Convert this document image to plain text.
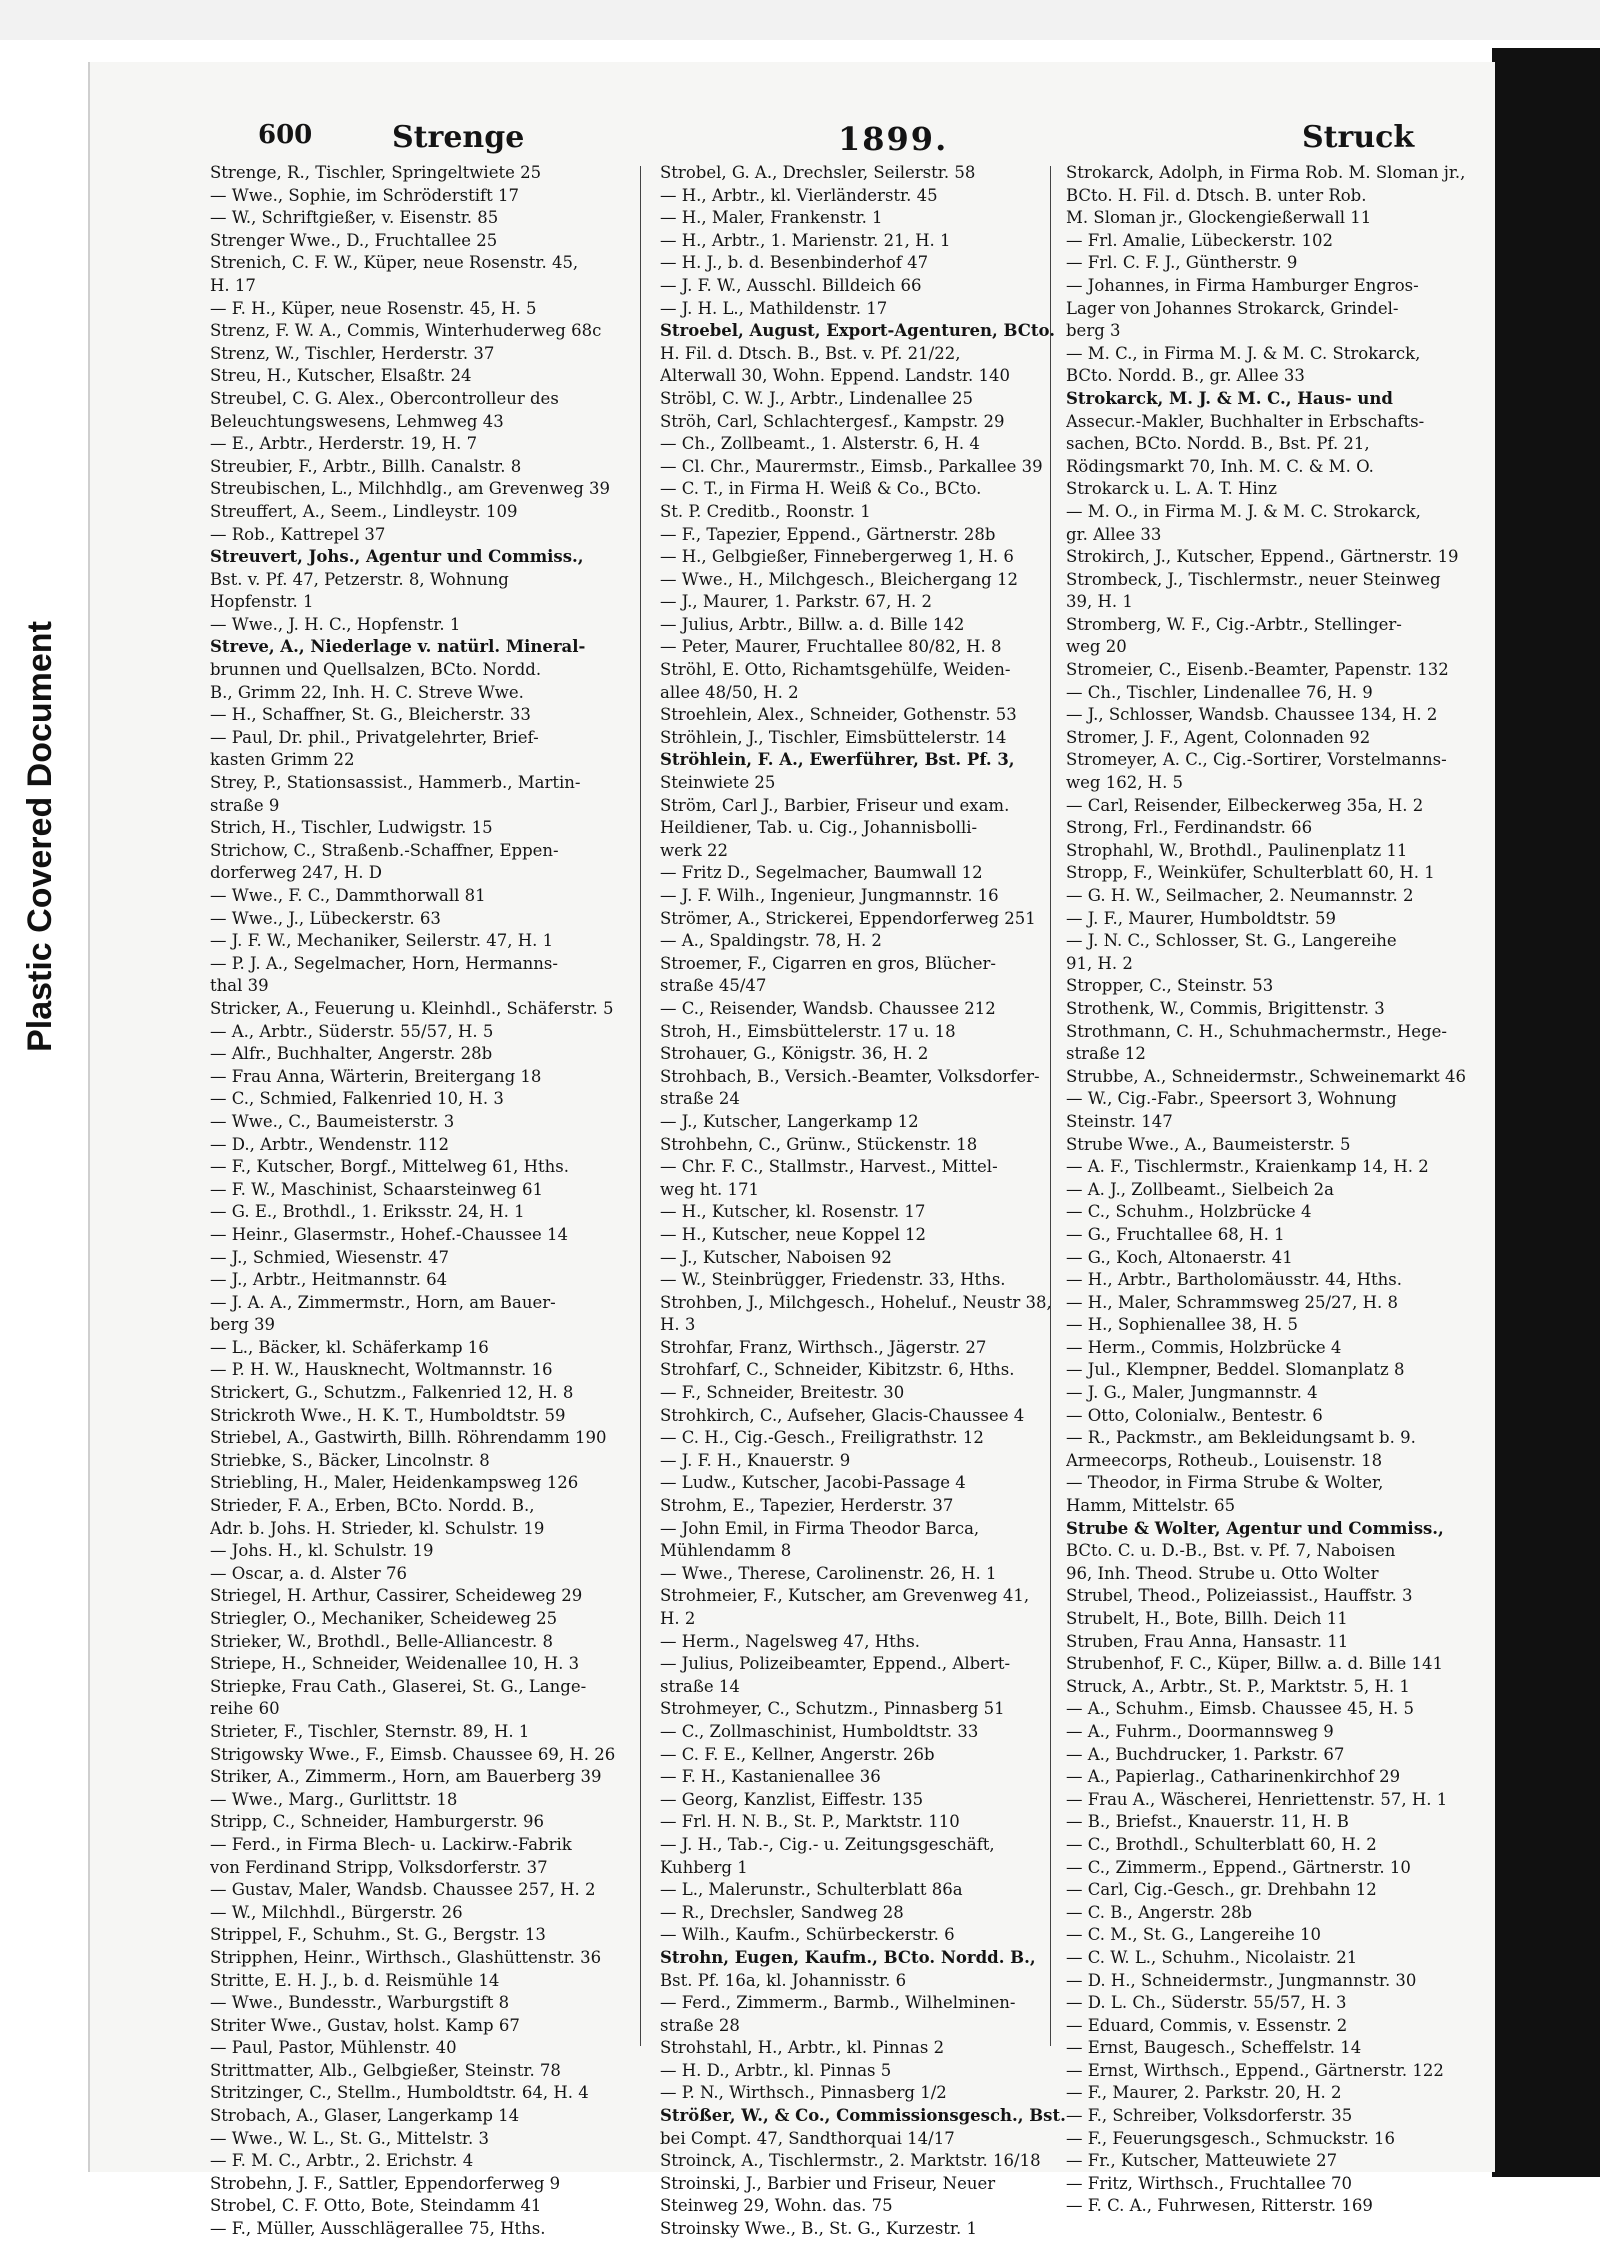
Plastic Covered Document
600	Strenge	1899.	Struck
Strenge, R., Tischler, Springeltwiete 25
— Wwe., Sophie, im Schröderstift 17
— W., Schriftgießer, v. Eisenstr. 85
Strenger Wwe., D., Fruchtallee 25
Strenich, C. F. W., Küper, neue Rosenstr. 45,
H. 17
— F. H., Küper, neue Rosenstr. 45, H. 5
Strenz, F. W. A., Commis, Winterhuderweg 68c
Strenz, W., Tischler, Herderstr. 37
Streu, H., Kutscher, Elsaßtr. 24
Streubel, C. G. Alex., Obercontrolleur des
Beleuchtungswesens, Lehmweg 43
— E., Arbtr., Herderstr. 19, H. 7
Streubier, F., Arbtr., Billh. Canalstr. 8
Streubischen, L., Milchhdlg., am Grevenweg 39
Streuffert, A., Seem., Lindleystr. 109
— Rob., Kattrepel 37
Streuvert, Johs., Agentur und Commiss.,
Bst. v. Pf. 47, Petzerstr. 8, Wohnung
Hopfenstr. 1
— Wwe., J. H. C., Hopfenstr. 1
Streve, A., Niederlage v. natürl. Mineral-
brunnen und Quellsalzen, BCto. Nordd.
B., Grimm 22, Inh. H. C. Streve Wwe.
— H., Schaffner, St. G., Bleicherstr. 33
— Paul, Dr. phil., Privatgelehrter, Brief-
kasten Grimm 22
Strey, P., Stationsassist., Hammerb., Martin-
straße 9
Strich, H., Tischler, Ludwigstr. 15
Strichow, C., Straßenb.-Schaffner, Eppen-
dorferweg 247, H. D
— Wwe., F. C., Dammthorwall 81
— Wwe., J., Lübeckerstr. 63
— J. F. W., Mechaniker, Seilerstr. 47, H. 1
— P. J. A., Segelmacher, Horn, Hermanns-
thal 39
Stricker, A., Feuerung u. Kleinhdl., Schäferstr. 5
— A., Arbtr., Süderstr. 55/57, H. 5
— Alfr., Buchhalter, Angerstr. 28b
— Frau Anna, Wärterin, Breitergang 18
— C., Schmied, Falkenried 10, H. 3
— Wwe., C., Baumeisterstr. 3
— D., Arbtr., Wendenstr. 112
— F., Kutscher, Borgf., Mittelweg 61, Hths.
— F. W., Maschinist, Schaarsteinweg 61
— G. E., Brothdl., 1. Eriksstr. 24, H. 1
— Heinr., Glasermstr., Hohef.-Chaussee 14
— J., Schmied, Wiesenstr. 47
— J., Arbtr., Heitmannstr. 64
— J. A. A., Zimmermstr., Horn, am Bauer-
berg 39
— L., Bäcker, kl. Schäferkamp 16
— P. H. W., Hausknecht, Woltmannstr. 16
Strickert, G., Schutzm., Falkenried 12, H. 8
Strickroth Wwe., H. K. T., Humboldtstr. 59
Striebel, A., Gastwirth, Billh. Röhrendamm 190
Striebke, S., Bäcker, Lincolnstr. 8
Striebling, H., Maler, Heidenkampsweg 126
Strieder, F. A., Erben, BCto. Nordd. B.,
Adr. b. Johs. H. Strieder, kl. Schulstr. 19
— Johs. H., kl. Schulstr. 19
— Oscar, a. d. Alster 76
Striegel, H. Arthur, Cassirer, Scheideweg 29
Striegler, O., Mechaniker, Scheideweg 25
Strieker, W., Brothdl., Belle-Alliancestr. 8
Striepe, H., Schneider, Weidenallee 10, H. 3
Striepke, Frau Cath., Glaserei, St. G., Lange-
reihe 60
Strieter, F., Tischler, Sternstr. 89, H. 1
Strigowsky Wwe., F., Eimsb. Chaussee 69, H. 26
Striker, A., Zimmerm., Horn, am Bauerberg 39
— Wwe., Marg., Gurlittstr. 18
Stripp, C., Schneider, Hamburgerstr. 96
— Ferd., in Firma Blech- u. Lackirw.-Fabrik
von Ferdinand Stripp, Volksdorferstr. 37
— Gustav, Maler, Wandsb. Chaussee 257, H. 2
— W., Milchhdl., Bürgerstr. 26
Strippel, F., Schuhm., St. G., Bergstr. 13
Stripphen, Heinr., Wirthsch., Glashüttenstr. 36
Stritte, E. H. J., b. d. Reismühle 14
— Wwe., Bundesstr., Warburgstift 8
Striter Wwe., Gustav, holst. Kamp 67
— Paul, Pastor, Mühlenstr. 40
Strittmatter, Alb., Gelbgießer, Steinstr. 78
Stritzinger, C., Stellm., Humboldtstr. 64, H. 4
Strobach, A., Glaser, Langerkamp 14
— Wwe., W. L., St. G., Mittelstr. 3
— F. M. C., Arbtr., 2. Erichstr. 4
Strobehn, J. F., Sattler, Eppendorferweg 9
Strobel, C. F. Otto, Bote, Steindamm 41
— F., Müller, Ausschlägerallee 75, Hths.
Strobel, G. A., Drechsler, Seilerstr. 58
— H., Arbtr., kl. Vierländerstr. 45
— H., Maler, Frankenstr. 1
— H., Arbtr., 1. Marienstr. 21, H. 1
— H. J., b. d. Besenbinderhof 47
— J. F. W., Ausschl. Billdeich 66
— J. H. L., Mathildenstr. 17
Stroebel, August, Export-Agenturen, BCto.
H. Fil. d. Dtsch. B., Bst. v. Pf. 21/22,
Alterwall 30, Wohn. Eppend. Landstr. 140
Ströbl, C. W. J., Arbtr., Lindenallee 25
Ströh, Carl, Schlachtergesf., Kampstr. 29
— Ch., Zollbeamt., 1. Alsterstr. 6, H. 4
— Cl. Chr., Maurermstr., Eimsb., Parkallee 39
— C. T., in Firma H. Weiß & Co., BCto.
St. P. Creditb., Roonstr. 1
— F., Tapezier, Eppend., Gärtnerstr. 28b
— H., Gelbgießer, Finnebergerweg 1, H. 6
— Wwe., H., Milchgesch., Bleichergang 12
— J., Maurer, 1. Parkstr. 67, H. 2
— Julius, Arbtr., Billw. a. d. Bille 142
— Peter, Maurer, Fruchtallee 80/82, H. 8
Ströhl, E. Otto, Richamtsgehülfe, Weiden-
allee 48/50, H. 2
Stroehlein, Alex., Schneider, Gothenstr. 53
Ströhlein, J., Tischler, Eimsbüttelerstr. 14
Ströhlein, F. A., Ewerführer, Bst. Pf. 3,
Steinwiete 25
Ström, Carl J., Barbier, Friseur und exam.
Heildiener, Tab. u. Cig., Johannisbolli-
werk 22
— Fritz D., Segelmacher, Baumwall 12
— J. F. Wilh., Ingenieur, Jungmannstr. 16
Strömer, A., Strickerei, Eppendorferweg 251
— A., Spaldingstr. 78, H. 2
Stroemer, F., Cigarren en gros, Blücher-
straße 45/47
— C., Reisender, Wandsb. Chaussee 212
Stroh, H., Eimsbüttelerstr. 17 u. 18
Strohauer, G., Königstr. 36, H. 2
Strohbach, B., Versich.-Beamter, Volksdorfer-
straße 24
— J., Kutscher, Langerkamp 12
Strohbehn, C., Grünw., Stückenstr. 18
— Chr. F. C., Stallmstr., Harvest., Mittel-
weg ht. 171
— H., Kutscher, kl. Rosenstr. 17
— H., Kutscher, neue Koppel 12
— J., Kutscher, Naboisen 92
— W., Steinbrügger, Friedenstr. 33, Hths.
Strohben, J., Milchgesch., Hoheluf., Neustr 38,
H. 3
Strohfar, Franz, Wirthsch., Jägerstr. 27
Strohfarf, C., Schneider, Kibitzstr. 6, Hths.
— F., Schneider, Breitestr. 30
Strohkirch, C., Aufseher, Glacis-Chaussee 4
— C. H., Cig.-Gesch., Freiligrathstr. 12
— J. F. H., Knauerstr. 9
— Ludw., Kutscher, Jacobi-Passage 4
Strohm, E., Tapezier, Herderstr. 37
— John Emil, in Firma Theodor Barca,
Mühlendamm 8
— Wwe., Therese, Carolinenstr. 26, H. 1
Strohmeier, F., Kutscher, am Grevenweg 41,
H. 2
— Herm., Nagelsweg 47, Hths.
— Julius, Polizeibeamter, Eppend., Albert-
straße 14
Strohmeyer, C., Schutzm., Pinnasberg 51
— C., Zollmaschinist, Humboldtstr. 33
— C. F. E., Kellner, Angerstr. 26b
— F. H., Kastanienallee 36
— Georg, Kanzlist, Eiffestr. 135
— Frl. H. N. B., St. P., Marktstr. 110
— J. H., Tab.-, Cig.- u. Zeitungsgeschäft,
Kuhberg 1
— L., Malerunstr., Schulterblatt 86a
— R., Drechsler, Sandweg 28
— Wilh., Kaufm., Schürbeckerstr. 6
Strohn, Eugen, Kaufm., BCto. Nordd. B.,
Bst. Pf. 16a, kl. Johannisstr. 6
— Ferd., Zimmerm., Barmb., Wilhelminen-
straße 28
Strohstahl, H., Arbtr., kl. Pinnas 2
— H. D., Arbtr., kl. Pinnas 5
— P. N., Wirthsch., Pinnasberg 1/2
Strößer, W., & Co., Commissionsgesch., Bst.
bei Compt. 47, Sandthorquai 14/17
Stroinck, A., Tischlermstr., 2. Marktstr. 16/18
Stroinski, J., Barbier und Friseur, Neuer
Steinweg 29, Wohn. das. 75
Stroinsky Wwe., B., St. G., Kurzestr. 1
Strokarck, Adolph, in Firma Rob. M. Sloman jr.,
BCto. H. Fil. d. Dtsch. B. unter Rob.
M. Sloman jr., Glockengießerwall 11
— Frl. Amalie, Lübeckerstr. 102
— Frl. C. F. J., Güntherstr. 9
— Johannes, in Firma Hamburger Engros-
Lager von Johannes Strokarck, Grindel-
berg 3
— M. C., in Firma M. J. & M. C. Strokarck,
BCto. Nordd. B., gr. Allee 33
Strokarck, M. J. & M. C., Haus- und
Assecur.-Makler, Buchhalter in Erbschafts-
sachen, BCto. Nordd. B., Bst. Pf. 21,
Rödingsmarkt 70, Inh. M. C. & M. O.
Strokarck u. L. A. T. Hinz
— M. O., in Firma M. J. & M. C. Strokarck,
gr. Allee 33
Strokirch, J., Kutscher, Eppend., Gärtnerstr. 19
Strombeck, J., Tischlermstr., neuer Steinweg
39, H. 1
Stromberg, W. F., Cig.-Arbtr., Stellinger-
weg 20
Stromeier, C., Eisenb.-Beamter, Papenstr. 132
— Ch., Tischler, Lindenallee 76, H. 9
— J., Schlosser, Wandsb. Chaussee 134, H. 2
Stromer, J. F., Agent, Colonnaden 92
Stromeyer, A. C., Cig.-Sortirer, Vorstelmanns-
weg 162, H. 5
— Carl, Reisender, Eilbeckerweg 35a, H. 2
Strong, Frl., Ferdinandstr. 66
Strophahl, W., Brothdl., Paulinenplatz 11
Stropp, F., Weinküfer, Schulterblatt 60, H. 1
— G. H. W., Seilmacher, 2. Neumannstr. 2
— J. F., Maurer, Humboldtstr. 59
— J. N. C., Schlosser, St. G., Langereihe
91, H. 2
Stropper, C., Steinstr. 53
Strothenk, W., Commis, Brigittenstr. 3
Strothmann, C. H., Schuhmachermstr., Hege-
straße 12
Strubbe, A., Schneidermstr., Schweinemarkt 46
— W., Cig.-Fabr., Speersort 3, Wohnung
Steinstr. 147
Strube Wwe., A., Baumeisterstr. 5
— A. F., Tischlermstr., Kraienkamp 14, H. 2
— A. J., Zollbeamt., Sielbeich 2a
— C., Schuhm., Holzbrücke 4
— G., Fruchtallee 68, H. 1
— G., Koch, Altonaerstr. 41
— H., Arbtr., Bartholomäusstr. 44, Hths.
— H., Maler, Schrammsweg 25/27, H. 8
— H., Sophienallee 38, H. 5
— Herm., Commis, Holzbrücke 4
— Jul., Klempner, Beddel. Slomanplatz 8
— J. G., Maler, Jungmannstr. 4
— Otto, Colonialw., Bentestr. 6
— R., Packmstr., am Bekleidungsamt b. 9.
Armeecorps, Rotheub., Louisenstr. 18
— Theodor, in Firma Strube & Wolter,
Hamm, Mittelstr. 65
Strube & Wolter, Agentur und Commiss.,
BCto. C. u. D.-B., Bst. v. Pf. 7, Naboisen
96, Inh. Theod. Strube u. Otto Wolter
Strubel, Theod., Polizeiassist., Hauffstr. 3
Strubelt, H., Bote, Billh. Deich 11
Struben, Frau Anna, Hansastr. 11
Strubenhof, F. C., Küper, Billw. a. d. Bille 141
Struck, A., Arbtr., St. P., Marktstr. 5, H. 1
— A., Schuhm., Eimsb. Chaussee 45, H. 5
— A., Fuhrm., Doormannsweg 9
— A., Buchdrucker, 1. Parkstr. 67
— A., Papierlag., Catharinenkirchhof 29
— Frau A., Wäscherei, Henriettenstr. 57, H. 1
— B., Briefst., Knauerstr. 11, H. B
— C., Brothdl., Schulterblatt 60, H. 2
— C., Zimmerm., Eppend., Gärtnerstr. 10
— Carl, Cig.-Gesch., gr. Drehbahn 12
— C. B., Angerstr. 28b
— C. M., St. G., Langereihe 10
— C. W. L., Schuhm., Nicolaistr. 21
— D. H., Schneidermstr., Jungmannstr. 30
— D. L. Ch., Süderstr. 55/57, H. 3
— Eduard, Commis, v. Essenstr. 2
— Ernst, Baugesch., Scheffelstr. 14
— Ernst, Wirthsch., Eppend., Gärtnerstr. 122
— F., Maurer, 2. Parkstr. 20, H. 2
— F., Schreiber, Volksdorferstr. 35
— F., Feuerungsgesch., Schmuckstr. 16
— Fr., Kutscher, Matteuwiete 27
— Fritz, Wirthsch., Fruchtallee 70
— F. C. A., Fuhrwesen, Ritterstr. 169
